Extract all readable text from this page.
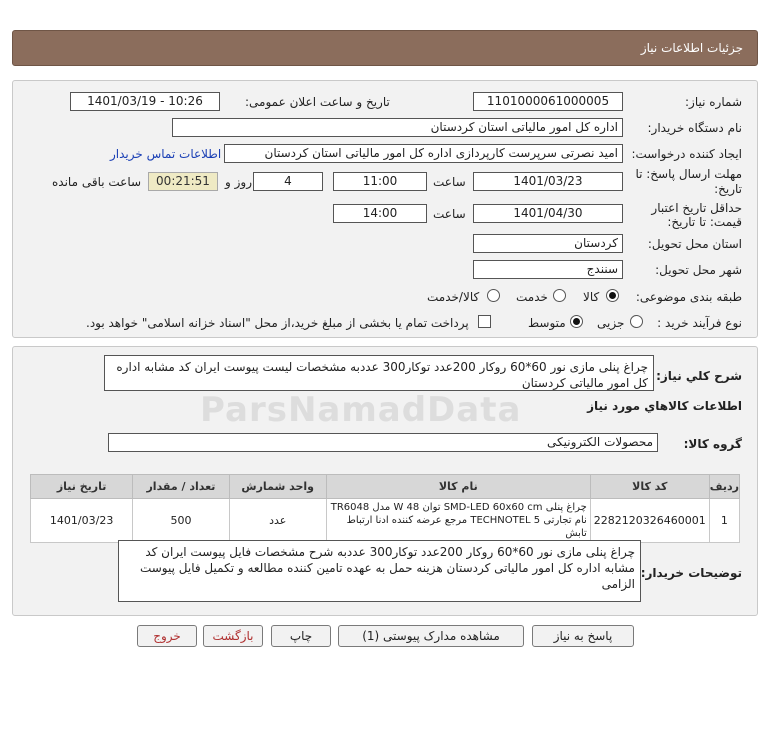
جزئیات اطلاعات نیاز
شماره نیاز:
1101000061000005
تاریخ و ساعت اعلان عمومی:
1401/03/19 - 10:26
نام دستگاه خریدار:
اداره کل امور مالیاتی استان کردستان
ایجاد کننده درخواست:
امید نصرتی سرپرست کارپردازی اداره کل امور مالیاتی استان کردستان
اطلاعات تماس خریدار
مهلت ارسال پاسخ: تا
تاریخ:
1401/03/23
ساعت
11:00
4
روز و
00:21:51
ساعت باقی مانده
حداقل تاریخ اعتبار
قیمت: تا تاریخ:
1401/04/30
ساعت
14:00
استان محل تحویل:
کردستان
شهر محل تحویل:
سنندج
طبقه بندی موضوعی:
کالا
خدمت
کالا/خدمت
نوع فرآیند خرید :
جزیی
متوسط
پرداخت تمام یا بخشی از مبلغ خرید،از محل "اسناد خزانه اسلامی" خواهد بود.
شرح کلي نياز:
چراغ پنلی مازی نور 60*60 روکار 200عدد توکار300 عددبه مشخصات لیست پیوست ایران کد مشابه اداره کل امور مالیاتی کردستان
ParsNamadData	اطلاعات کالاهاي مورد نياز
گروه کالا:
محصولات الکترونیکی
ردیف	کد کالا	نام کالا	واحد شمارش	تعداد / مقدار	تاریخ نیاز
1	2282120326460001	چراغ پنلی SMD-LED 60x60 cm توان W 48 مدل TR6048 نام تجارتی TECHNOTEL 5 مرجع عرضه کننده ادنا ارتباط تابش	عدد	500	1401/03/23
توضیحات خریدار:
چراغ پنلی مازی نور 60*60 روکار 200عدد توکار300 عددبه شرح مشخصات فایل پیوست ایران کد مشابه اداره کل امور مالیاتی کردستان هزینه حمل به عهده تامین کننده مطالعه و تکمیل فایل پیوست الزامی
پاسخ به نیاز
مشاهده مدارک پیوستی (1)
چاپ
بازگشت
خروج
